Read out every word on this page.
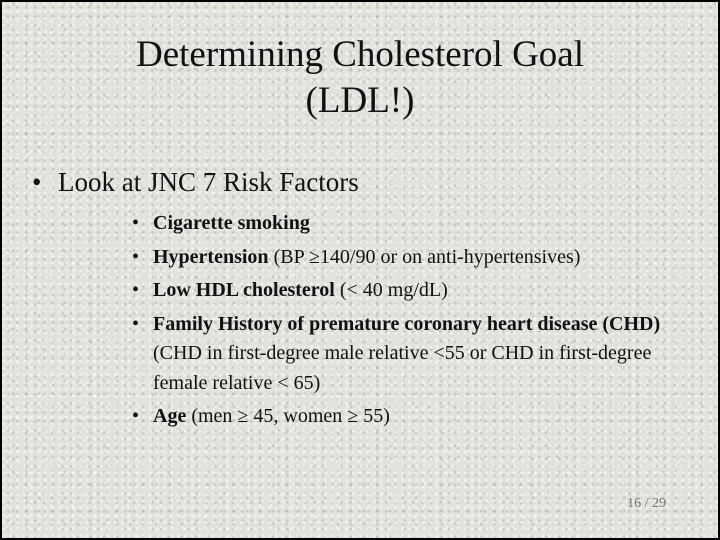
Determining Cholesterol Goal
(LDL!)
• Look at JNC 7 Risk Factors
• Cigarette smoking
• Hypertension (BP ≥140/90 or on anti-hypertensives)
• Low HDL cholesterol (< 40 mg/dL)
• Family History of premature coronary heart disease (CHD) (CHD in first-degree male relative <55 or CHD in first-degree female relative < 65)
• Age (men ≥ 45, women ≥ 55)
16 / 29
